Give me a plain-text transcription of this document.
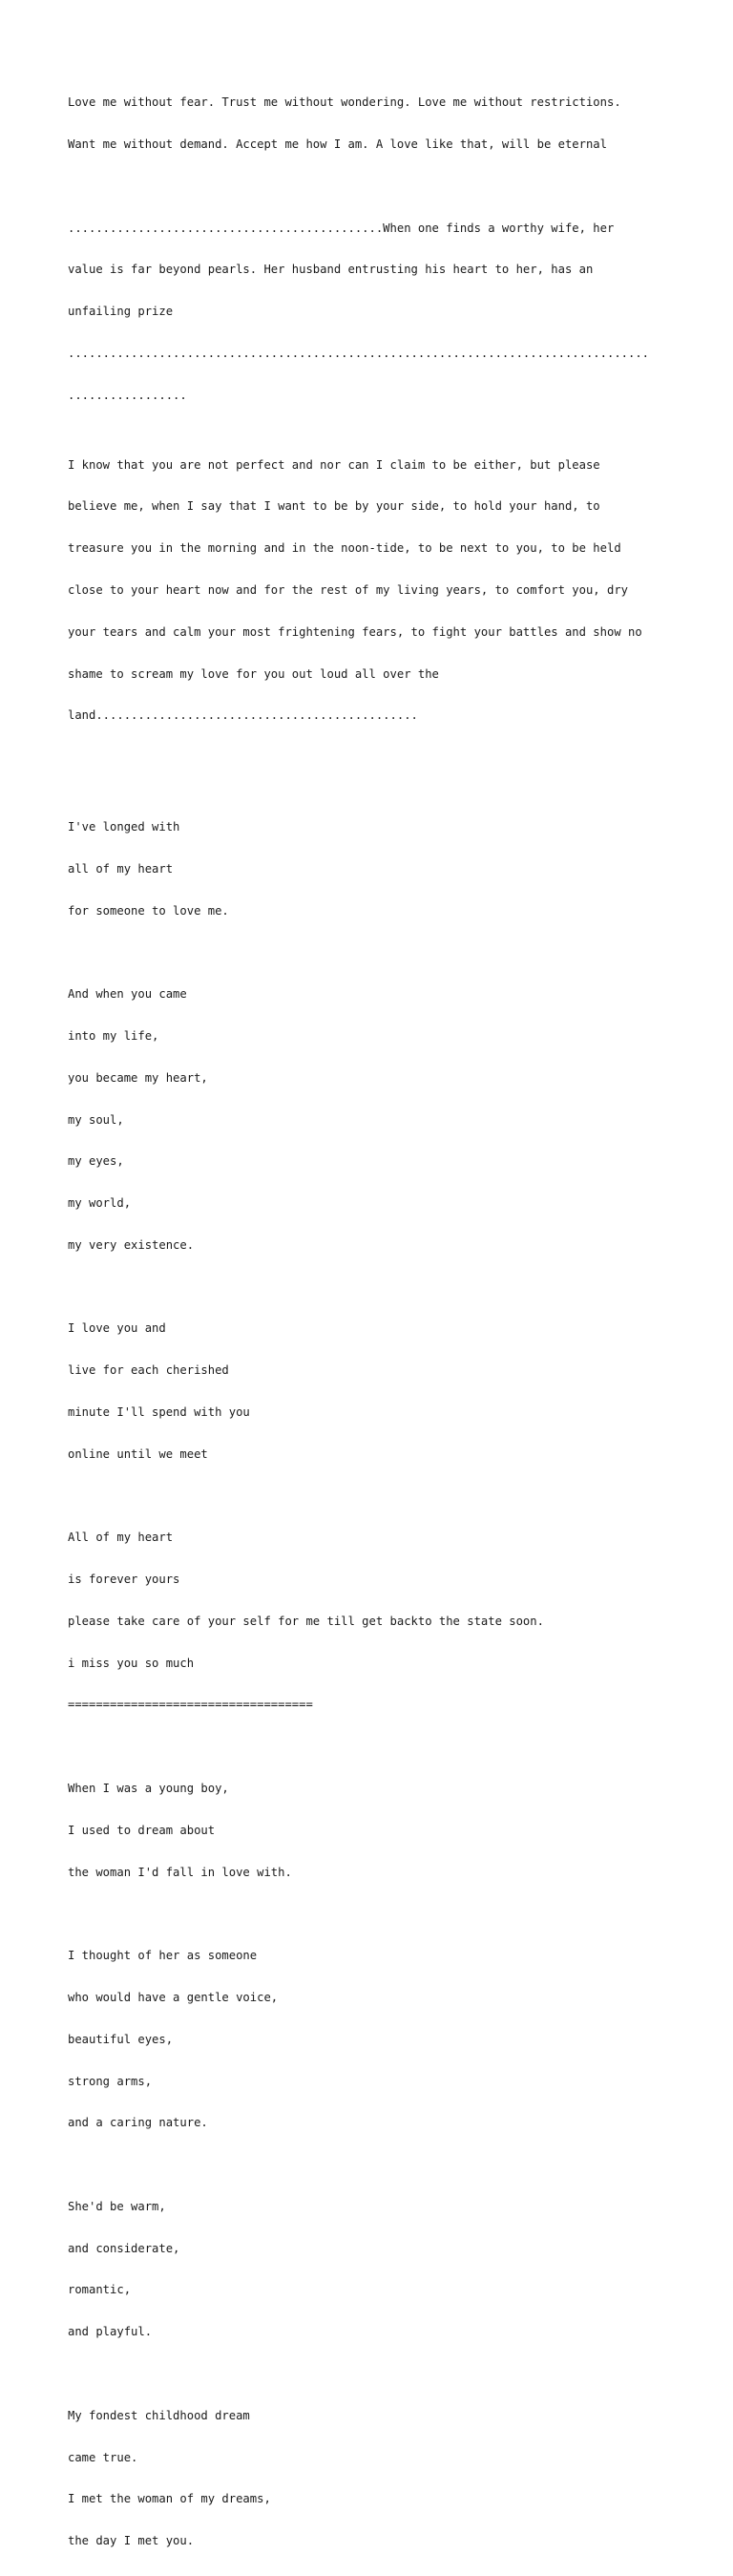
Love me without fear. Trust me without wondering. Love me without restrictions.

Want me without demand. Accept me how I am. A love like that, will be eternal

.............................................When one finds a worthy wife, her

value is far beyond pearls. Her husband entrusting his heart to her, has an

unfailing prize

...................................................................................

.................

I know that you are not perfect and nor can I claim to be either, but please

believe me, when I say that I want to be by your side, to hold your hand, to

treasure you in the morning and in the noon-tide, to be next to you, to be held

close to your heart now and for the rest of my living years, to comfort you, dry

your tears and calm your most frightening fears, to fight your battles and show no

shame to scream my love for you out loud all over the

land..............................................

I've longed with

all of my heart

for someone to love me.

And when you came

into my life,

you became my heart,

my soul,

my eyes,

my world,

my very existence.

I love you and

live for each cherished

minute I'll spend with you

online until we meet

All of my heart

is forever yours

please take care of your self for me till get backto the state soon.

i miss you so much

===================================

When I was a young boy,

I used to dream about

the woman I'd fall in love with.

I thought of her as someone

who would have a gentle voice,

beautiful eyes,

strong arms,

and a caring nature.

She'd be warm,

and considerate,

romantic,

and playful.

My fondest childhood dream

came true.

I met the woman of my dreams,

the day I met you.
